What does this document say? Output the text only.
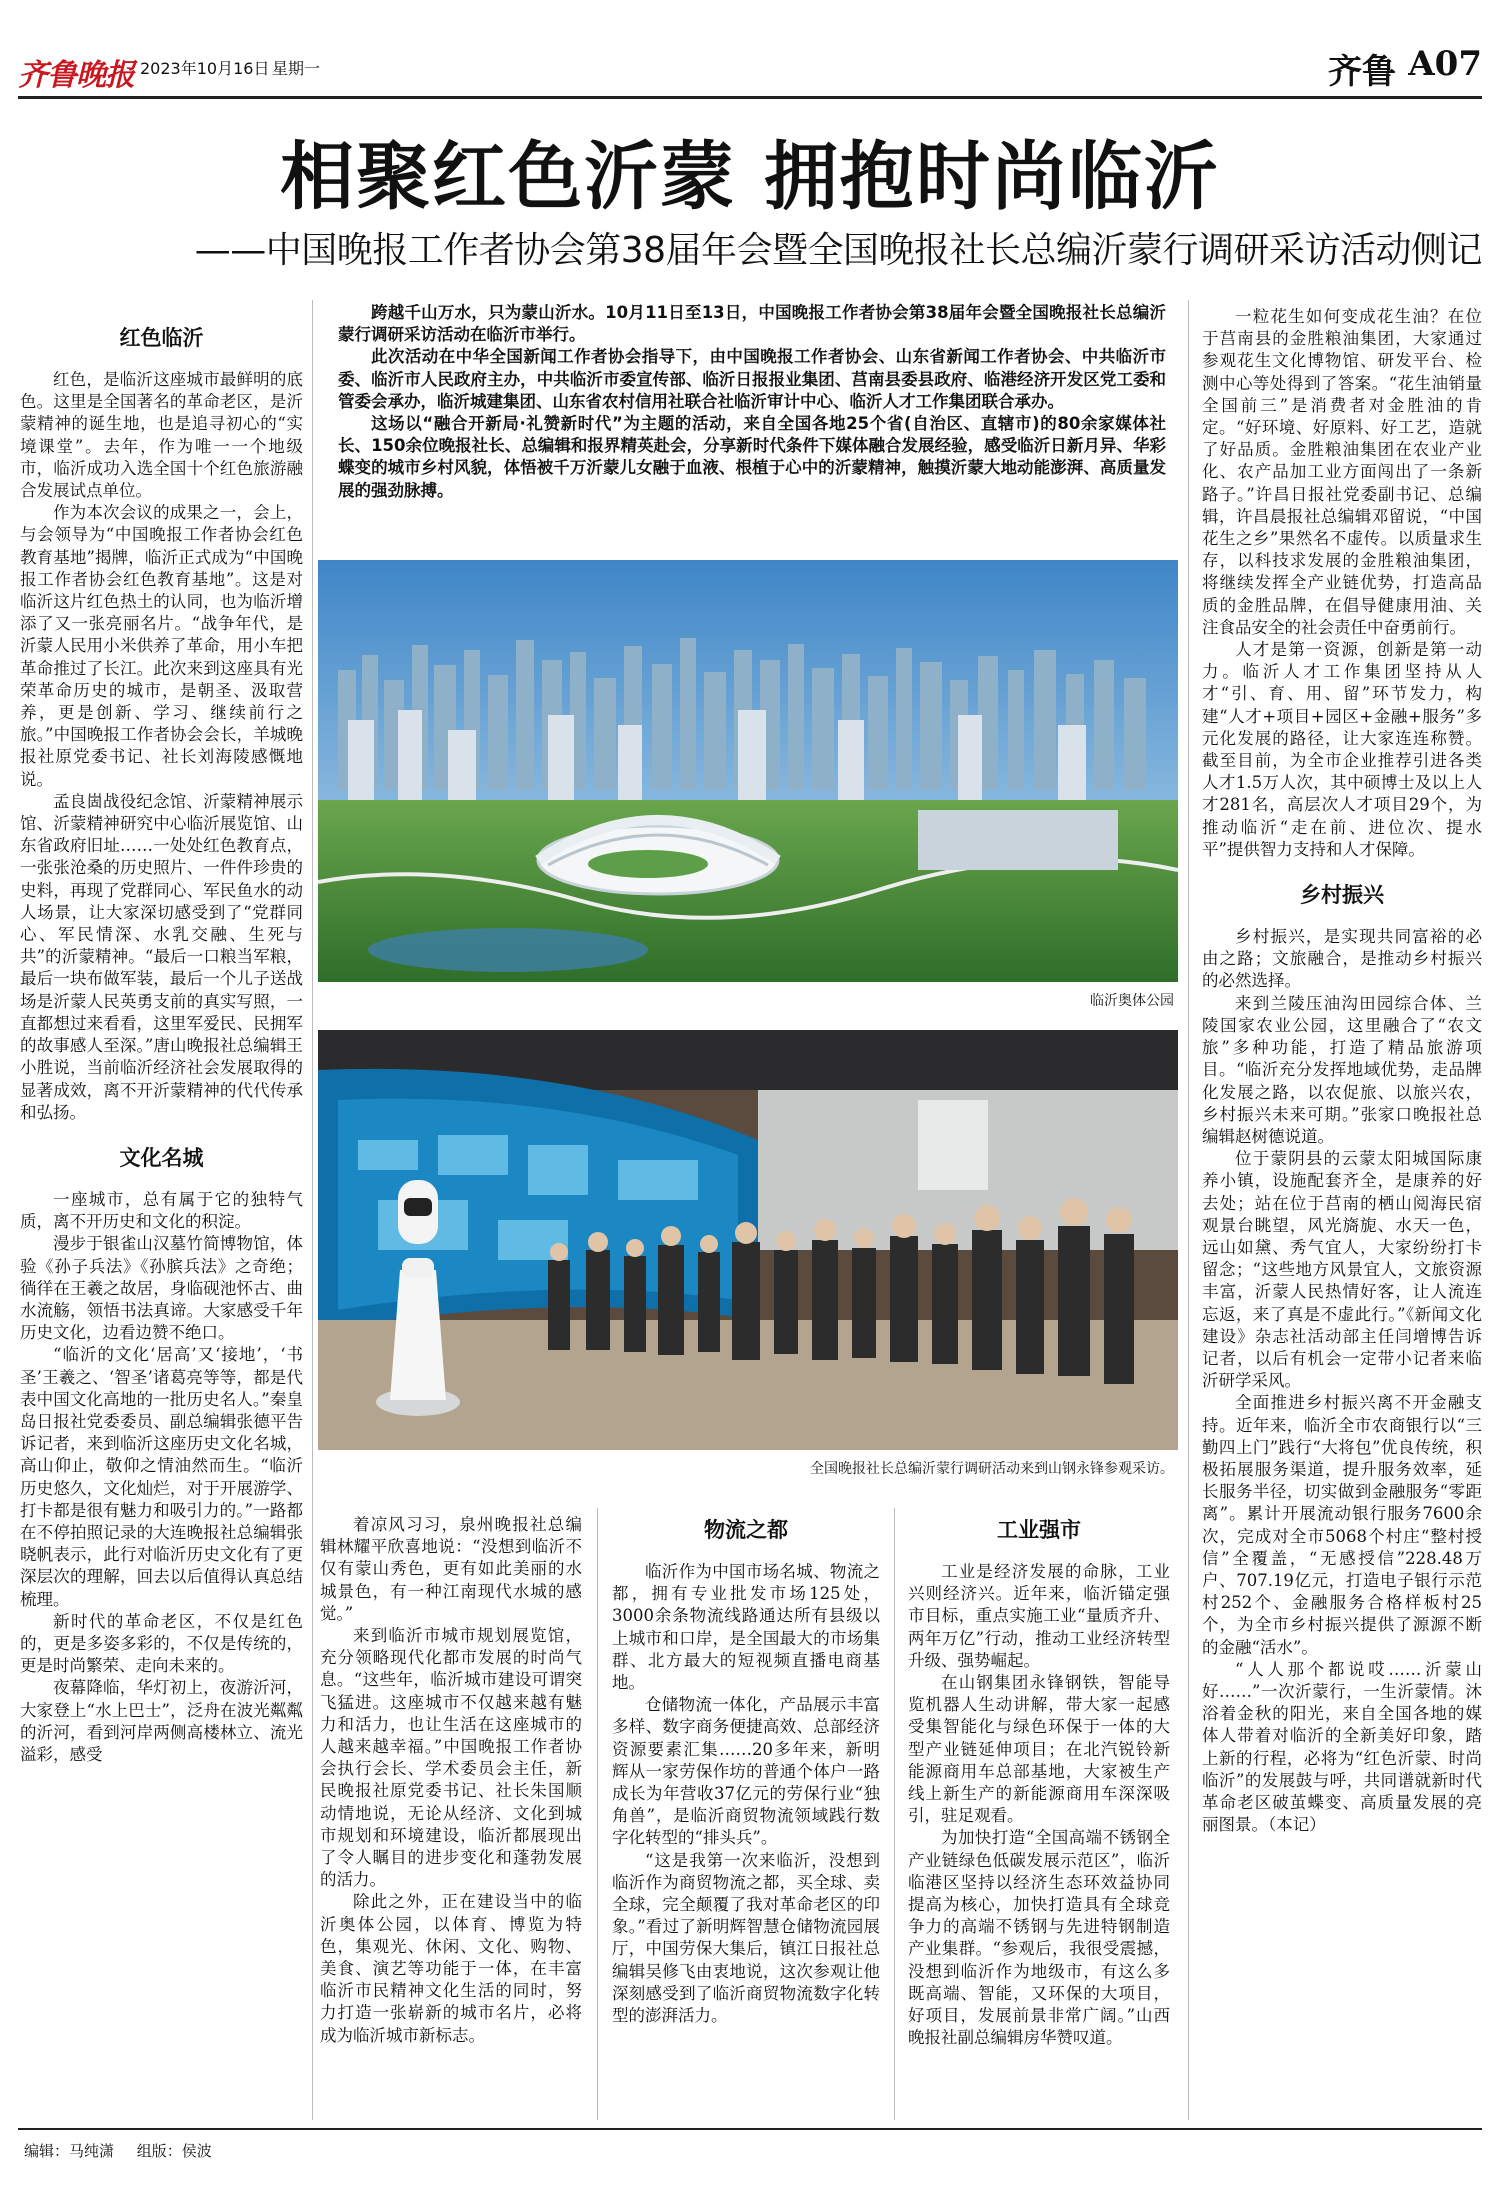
齐鲁晚报 2023年10月16日 星期一	齐鲁 A07
相聚红色沂蒙 拥抱时尚临沂
——中国晚报工作者协会第38届年会暨全国晚报社长总编沂蒙行调研采访活动侧记
红色临沂

红色，是临沂这座城市最鲜明的底色。这里是全国著名的革命老区，是沂蒙精神的诞生地，也是追寻初心的“实境课堂”。去年，作为唯一一个地级市，临沂成功入选全国十个红色旅游融合发展试点单位。

作为本次会议的成果之一，会上，与会领导为“中国晚报工作者协会红色教育基地”揭牌，临沂正式成为“中国晚报工作者协会红色教育基地”。这是对临沂这片红色热土的认同，也为临沂增添了又一张亮丽名片。“战争年代，是沂蒙人民用小米供养了革命，用小车把革命推过了长江。此次来到这座具有光荣革命历史的城市，是朝圣、汲取营养，更是创新、学习、继续前行之旅。”中国晚报工作者协会会长，羊城晚报社原党委书记、社长刘海陵感慨地说。

孟良崮战役纪念馆、沂蒙精神展示馆、沂蒙精神研究中心临沂展览馆、山东省政府旧址……一处处红色教育点，一张张沧桑的历史照片、一件件珍贵的史料，再现了党群同心、军民鱼水的动人场景，让大家深切感受到了“党群同心、军民情深、水乳交融、生死与共”的沂蒙精神。“最后一口粮当军粮，最后一块布做军装，最后一个儿子送战场是沂蒙人民英勇支前的真实写照，一直都想过来看看，这里军爱民、民拥军的故事感人至深。”唐山晚报社总编辑王小胜说，当前临沂经济社会发展取得的显著成效，离不开沂蒙精神的代代传承和弘扬。

文化名城

一座城市，总有属于它的独特气质，离不开历史和文化的积淀。

漫步于银雀山汉墓竹简博物馆，体验《孙子兵法》《孙膑兵法》之奇绝；徜徉在王羲之故居，身临砚池怀古、曲水流觞，领悟书法真谛。大家感受千年历史文化，边看边赞不绝口。

“临沂的文化‘居高’又‘接地’，‘书圣’王羲之、‘智圣’诸葛亮等等，都是代表中国文化高地的一批历史名人。”秦皇岛日报社党委委员、副总编辑张德平告诉记者，来到临沂这座历史文化名城，高山仰止，敬仰之情油然而生。“临沂历史悠久，文化灿烂，对于开展游学、打卡都是很有魅力和吸引力的。”一路都在不停拍照记录的大连晚报社总编辑张晓帆表示，此行对临沂历史文化有了更深层次的理解，回去以后值得认真总结梳理。

新时代的革命老区，不仅是红色的，更是多姿多彩的，不仅是传统的，更是时尚繁荣、走向未来的。

夜幕降临，华灯初上，夜游沂河，大家登上“水上巴士”，泛舟在波光粼粼的沂河，看到河岸两侧高楼林立、流光溢彩，感受

跨越千山万水，只为蒙山沂水。10月11日至13日，中国晚报工作者协会第38届年会暨全国晚报社长总编沂蒙行调研采访活动在临沂市举行。

此次活动在中华全国新闻工作者协会指导下，由中国晚报工作者协会、山东省新闻工作者协会、中共临沂市委、临沂市人民政府主办，中共临沂市委宣传部、临沂日报报业集团、莒南县委县政府、临港经济开发区党工委和管委会承办，临沂城建集团、山东省农村信用社联合社临沂审计中心、临沂人才工作集团联合承办。

这场以“融合开新局·礼赞新时代”为主题的活动，来自全国各地25个省(自治区、直辖市)的80余家媒体社长、150余位晚报社长、总编辑和报界精英赴会，分享新时代条件下媒体融合发展经验，感受临沂日新月异、华彩蝶变的城市乡村风貌，体悟被千万沂蒙儿女融于血液、根植于心中的沂蒙精神，触摸沂蒙大地动能澎湃、高质量发展的强劲脉搏。

临沂奥体公园
全国晚报社长总编沂蒙行调研活动来到山钢永锋参观采访。

着凉风习习，泉州晚报社总编辑林耀平欣喜地说：“没想到临沂不仅有蒙山秀色，更有如此美丽的水城景色，有一种江南现代水城的感觉。”

来到临沂市城市规划展览馆，充分领略现代化都市发展的时尚气息。“这些年，临沂城市建设可谓突飞猛进。这座城市不仅越来越有魅力和活力，也让生活在这座城市的人越来越幸福。”中国晚报工作者协会执行会长、学术委员会主任，新民晚报社原党委书记、社长朱国顺动情地说，无论从经济、文化到城市规划和环境建设，临沂都展现出了令人瞩目的进步变化和蓬勃发展的活力。

除此之外，正在建设当中的临沂奥体公园，以体育、博览为特色，集观光、休闲、文化、购物、美食、演艺等功能于一体，在丰富临沂市民精神文化生活的同时，努力打造一张崭新的城市名片，必将成为临沂城市新标志。

物流之都

临沂作为中国市场名城、物流之都，拥有专业批发市场125处，3000余条物流线路通达所有县级以上城市和口岸，是全国最大的市场集群、北方最大的短视频直播电商基地。

仓储物流一体化，产品展示丰富多样、数字商务便捷高效、总部经济资源要素汇集……20多年来，新明辉从一家劳保作坊的普通个体户一路成长为年营收37亿元的劳保行业“独角兽”，是临沂商贸物流领域践行数字化转型的“排头兵”。

“这是我第一次来临沂，没想到临沂作为商贸物流之都，买全球、卖全球，完全颠覆了我对革命老区的印象。”看过了新明辉智慧仓储物流园展厅，中国劳保大集后，镇江日报社总编辑吴修飞由衷地说，这次参观让他深刻感受到了临沂商贸物流数字化转型的澎湃活力。

工业强市

工业是经济发展的命脉，工业兴则经济兴。近年来，临沂锚定强市目标，重点实施工业“量质齐升、两年万亿”行动，推动工业经济转型升级、强势崛起。

在山钢集团永锋钢铁，智能导览机器人生动讲解，带大家一起感受集智能化与绿色环保于一体的大型产业链延伸项目；在北汽锐铃新能源商用车总部基地，大家被生产线上新生产的新能源商用车深深吸引，驻足观看。

为加快打造“全国高端不锈钢全产业链绿色低碳发展示范区”，临沂临港区坚持以经济生态环效益协同提高为核心，加快打造具有全球竞争力的高端不锈钢与先进特钢制造产业集群。“参观后，我很受震撼，没想到临沂作为地级市，有这么多既高端、智能，又环保的大项目，好项目，发展前景非常广阔。”山西晚报社副总编辑房华赞叹道。

一粒花生如何变成花生油？在位于莒南县的金胜粮油集团，大家通过参观花生文化博物馆、研发平台、检测中心等处得到了答案。“花生油销量全国前三”是消费者对金胜油的肯定。“好环境、好原料、好工艺，造就了好品质。金胜粮油集团在农业产业化、农产品加工业方面闯出了一条新路子。”许昌日报社党委副书记、总编辑，许昌晨报社总编辑邓留说，“中国花生之乡”果然名不虚传。以质量求生存，以科技求发展的金胜粮油集团，将继续发挥全产业链优势，打造高品质的金胜品牌，在倡导健康用油、关注食品安全的社会责任中奋勇前行。

人才是第一资源，创新是第一动力。临沂人才工作集团坚持从人才“引、育、用、留”环节发力，构建“人才+项目+园区+金融+服务”多元化发展的路径，让大家连连称赞。截至目前，为全市企业推荐引进各类人才1.5万人次，其中硕博士及以上人才281名，高层次人才项目29个，为推动临沂“走在前、进位次、提水平”提供智力支持和人才保障。

乡村振兴

乡村振兴，是实现共同富裕的必由之路；文旅融合，是推动乡村振兴的必然选择。

来到兰陵压油沟田园综合体、兰陵国家农业公园，这里融合了“农文旅”多种功能，打造了精品旅游项目。“临沂充分发挥地域优势，走品牌化发展之路，以农促旅、以旅兴农，乡村振兴未来可期。”张家口晚报社总编辑赵树德说道。

位于蒙阴县的云蒙太阳城国际康养小镇，设施配套齐全，是康养的好去处；站在位于莒南的栖山阅海民宿观景台眺望，风光旖旎、水天一色，远山如黛、秀气宜人，大家纷纷打卡留念；“这些地方风景宜人，文旅资源丰富，沂蒙人民热情好客，让人流连忘返，来了真是不虚此行。”《新闻文化建设》杂志社活动部主任闫增博告诉记者，以后有机会一定带小记者来临沂研学采风。

全面推进乡村振兴离不开金融支持。近年来，临沂全市农商银行以“三勤四上门”践行“大将包”优良传统，积极拓展服务渠道，提升服务效率，延长服务半径，切实做到金融服务“零距离”。累计开展流动银行服务7600余次，完成对全市5068个村庄“整村授信”全覆盖，“无感授信”228.48万户、707.19亿元，打造电子银行示范村252个、金融服务合格样板村25个，为全市乡村振兴提供了源源不断的金融“活水”。

“人人那个都说哎……沂蒙山好……”一次沂蒙行，一生沂蒙情。沐浴着金秋的阳光，来自全国各地的媒体人带着对临沂的全新美好印象，踏上新的行程，必将为“红色沂蒙、时尚临沂”的发展鼓与呼，共同谱就新时代革命老区破茧蝶变、高质量发展的亮丽图景。（本记）

编辑：马纯潇 组版：侯波
